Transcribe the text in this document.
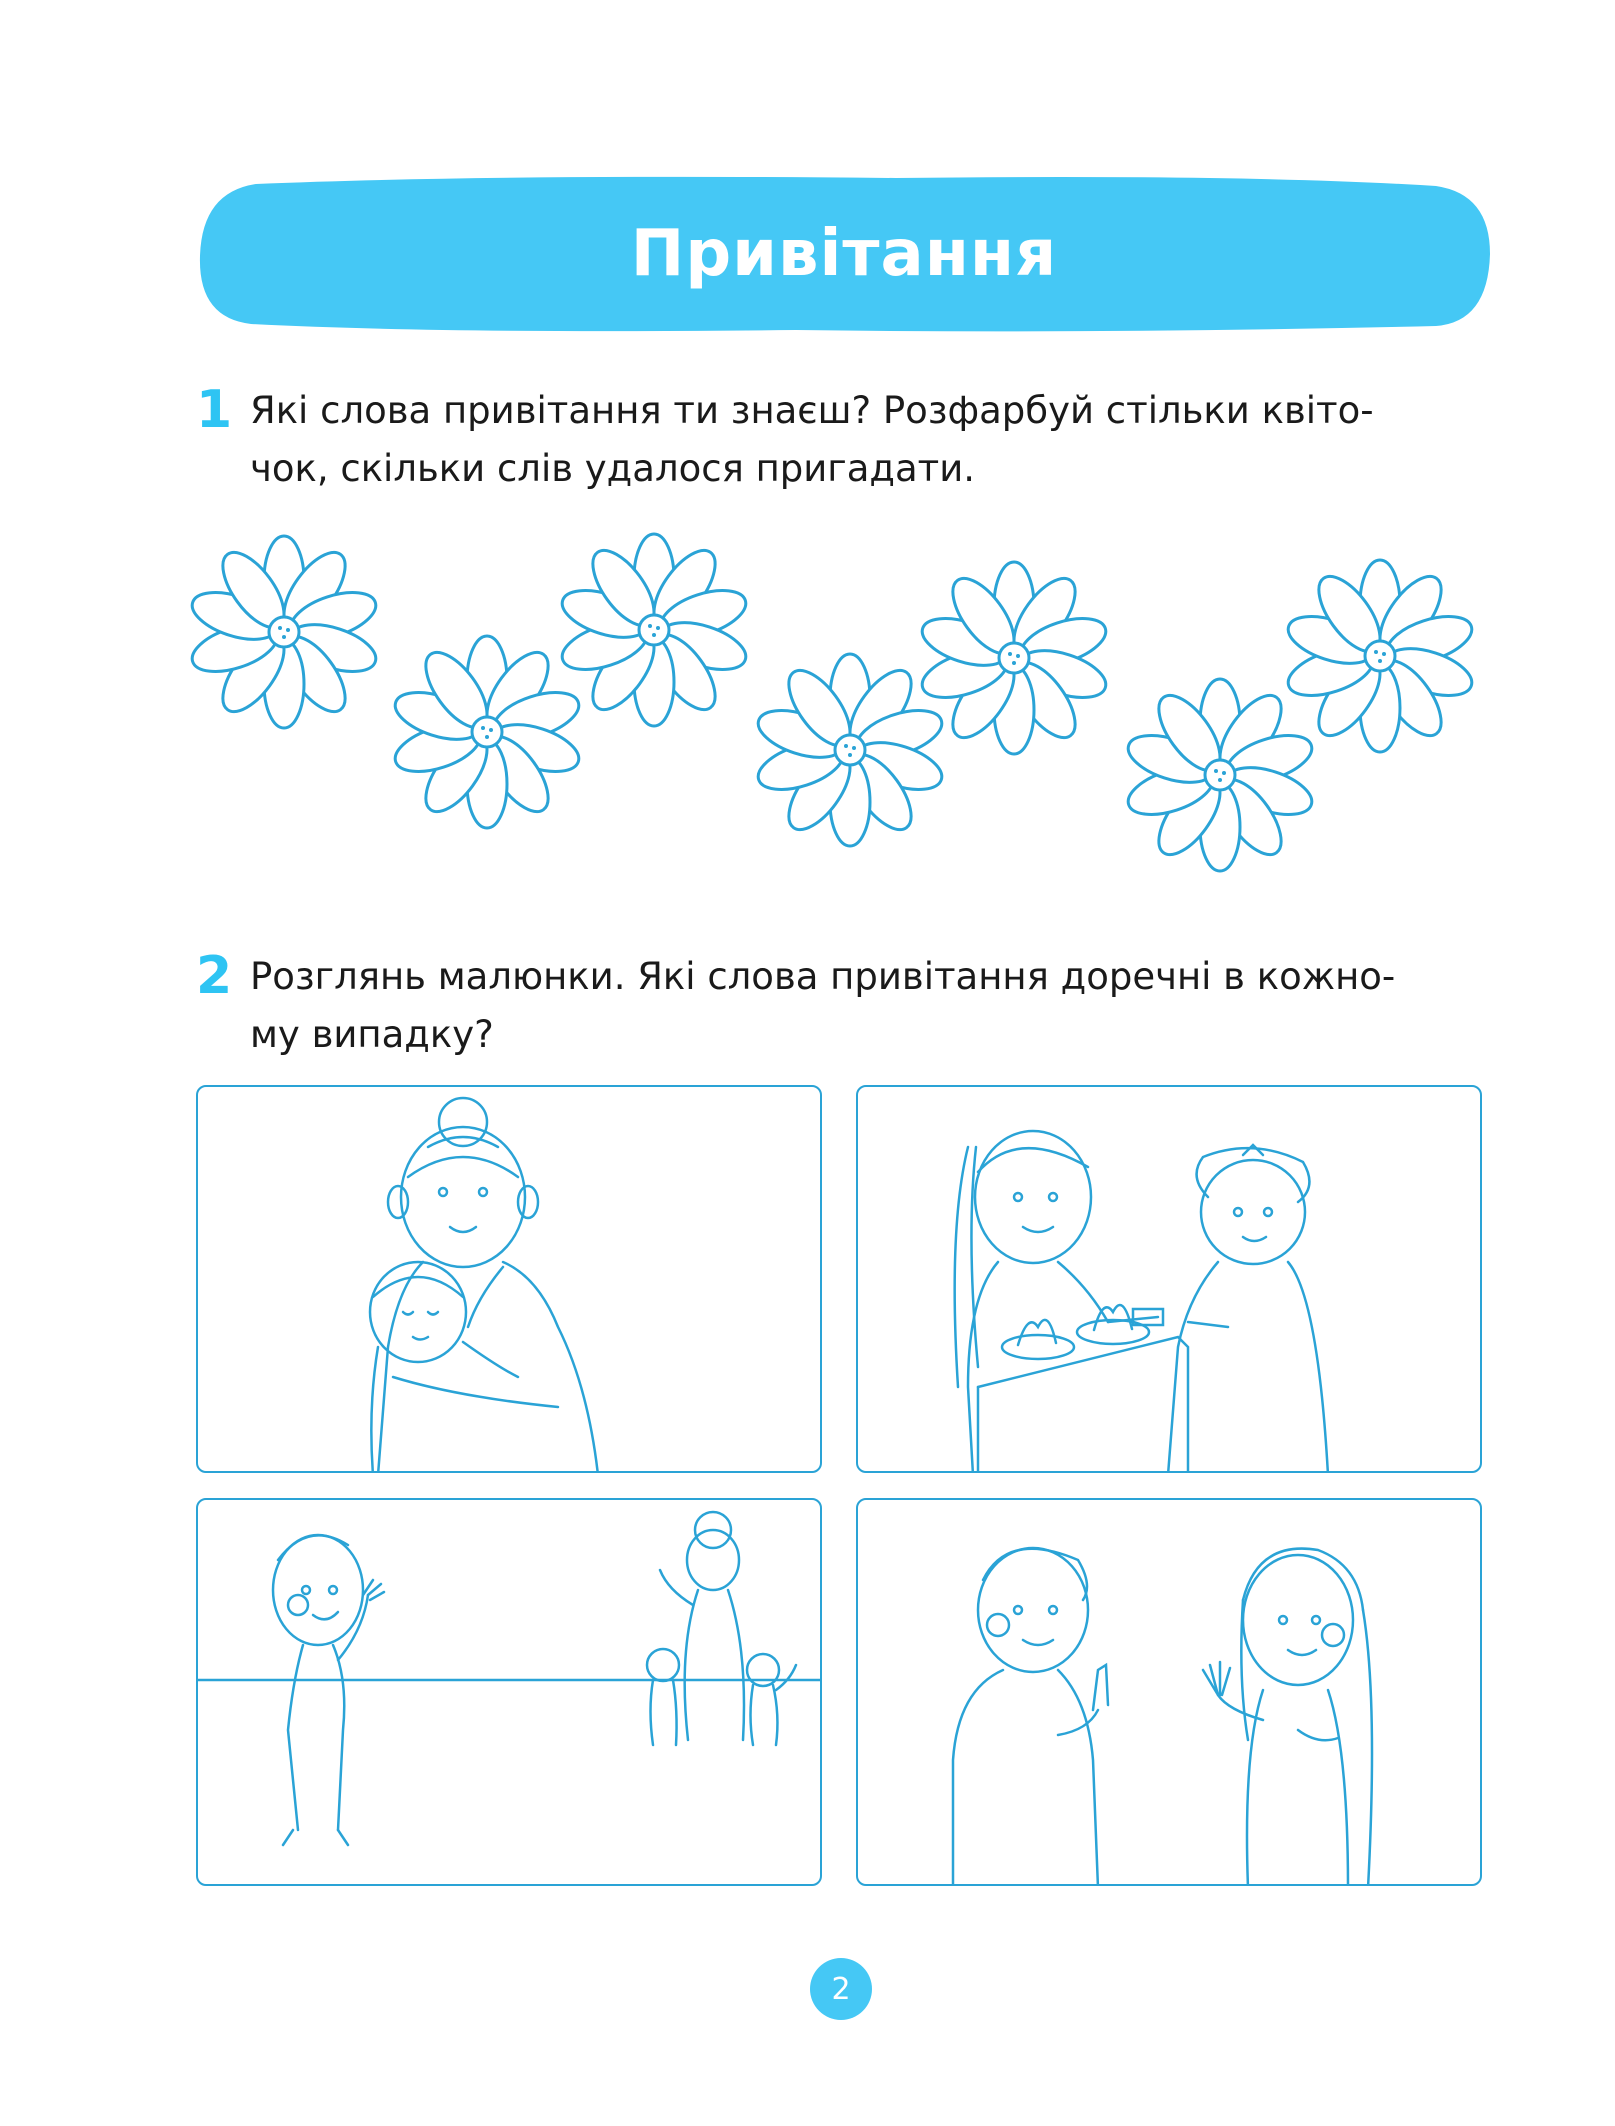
Привітання
1 Які слова привітання ти знаєш? Розфарбуй стільки квіто-
чок, скільки слів удалося пригадати.
2 Розглянь малюнки. Які слова привітання доречні в кожно-
му випадку?
2
